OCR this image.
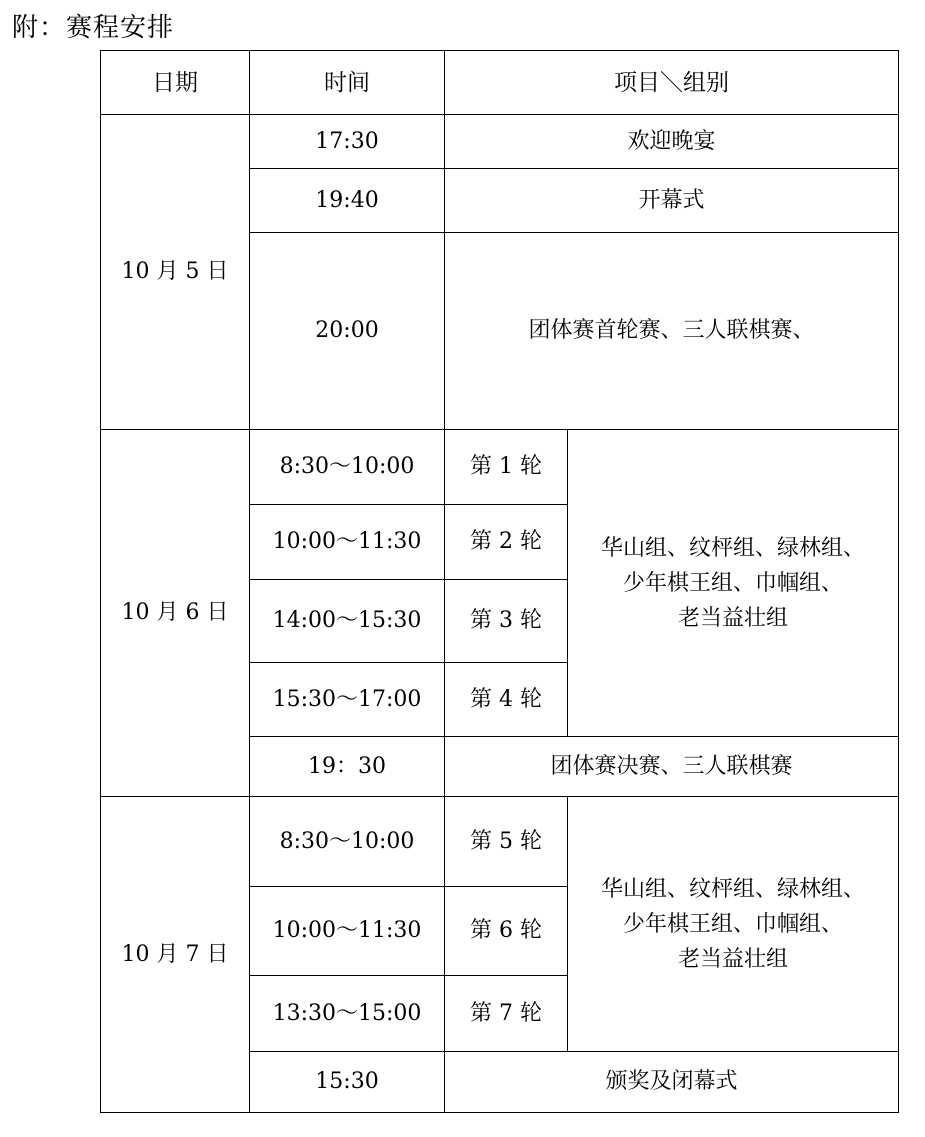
附：赛程安排
日期	时间	项目＼组别	
10 月 5 日	17:30	欢迎晚宴	
	19:40	开幕式	
	20:00	团体赛首轮赛、三人联棋赛、	
10 月 6 日	8:30～10:00	第 1 轮	华山组、纹枰组、绿林组、
少年棋王组、巾帼组、
老当益壮组

	10:00～11:30	第 2 轮	
	14:00～15:30	第 3 轮	
	15:30～17:00	第 4 轮	
	19：30	团体赛决赛、三人联棋赛	
10 月 7 日	8:30～10:00	第 5 轮	华山组、纹枰组、绿林组、
少年棋王组、巾帼组、
老当益壮组

	10:00～11:30	第 6 轮	
	13:30～15:00	第 7 轮	
	15:30	颁奖及闭幕式	
